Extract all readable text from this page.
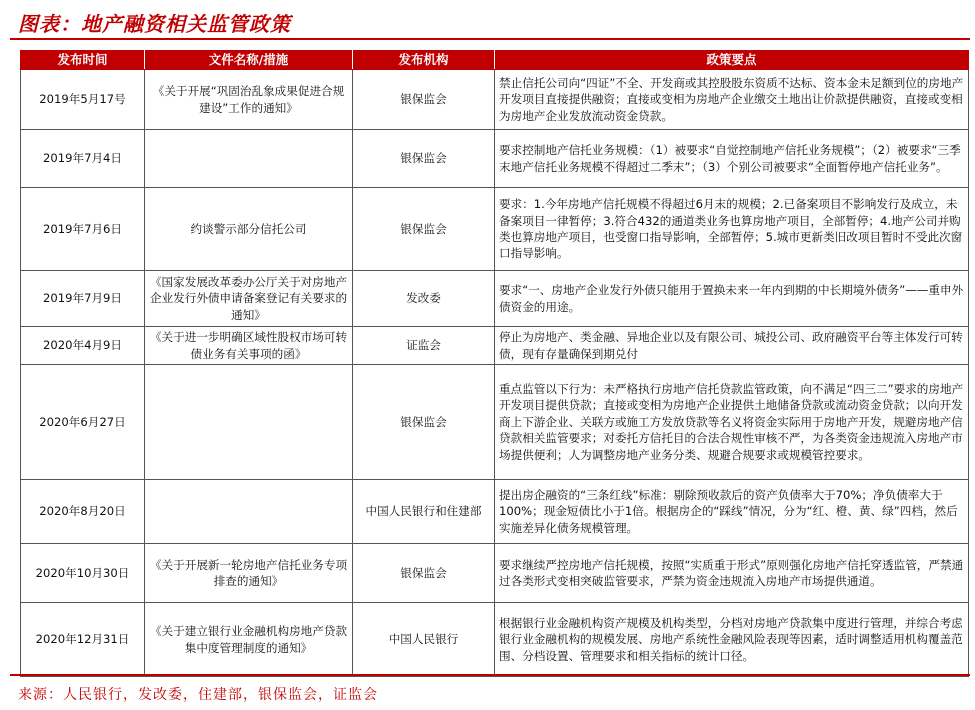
图表：地产融资相关监管政策
发布时间	文件名称/措施	发布机构	政策要点
2019年5月17号	《关于开展“巩固治乱象成果促进合规建设”工作的通知》	银保监会	禁止信托公司向“四证”不全、开发商或其控股股东资质不达标、资本金未足额到位的房地产开发项目直接提供融资；直接或变相为房地产企业缴交土地出让价款提供融资，直接或变相为房地产企业发放流动资金贷款。
2019年7月4日		银保监会	要求控制地产信托业务规模：（1）被要求“自觉控制地产信托业务规模”；（2）被要求“三季末地产信托业务规模不得超过二季末”；（3）个别公司被要求“全面暂停地产信托业务”。
2019年7月6日	约谈警示部分信托公司	银保监会	要求：1.今年房地产信托规模不得超过6月末的规模；2.已备案项目不影响发行及成立，未备案项目一律暂停；3.符合432的通道类业务也算房地产项目，全部暂停；4.地产公司并购类也算房地产项目，也受窗口指导影响，全部暂停；5.城市更新类旧改项目暂时不受此次窗口指导影响。
2019年7月9日	《国家发展改革委办公厅关于对房地产企业发行外债申请备案登记有关要求的通知》	发改委	要求“一、房地产企业发行外债只能用于置换未来一年内到期的中长期境外债务”——重申外债资金的用途。
2020年4月9日	《关于进一步明确区域性股权市场可转债业务有关事项的函》	证监会	停止为房地产、类金融、异地企业以及有限公司、城投公司、政府融资平台等主体发行可转债，现有存量确保到期兑付
2020年6月27日		银保监会	重点监管以下行为：未严格执行房地产信托贷款监管政策，向不满足“四三二”要求的房地产开发项目提供贷款；直接或变相为房地产企业提供土地储备贷款或流动资金贷款；以向开发商上下游企业、关联方或施工方发放贷款等名义将资金实际用于房地产开发，规避房地产信贷款相关监管要求；对委托方信托目的合法合规性审核不严，为各类资金违规流入房地产市场提供便利；人为调整房地产业务分类、规避合规要求或规模管控要求。
2020年8月20日		中国人民银行和住建部	提出房企融资的“三条红线”标准：剔除预收款后的资产负债率大于70%；净负债率大于100%；现金短债比小于1倍。根据房企的“踩线”情况，分为“红、橙、黄、绿”四档，然后实施差异化债务规模管理。
2020年10月30日	《关于开展新一轮房地产信托业务专项排查的通知》	银保监会	要求继续严控房地产信托规模，按照“实质重于形式”原则强化房地产信托穿透监管，严禁通过各类形式变相突破监管要求，严禁为资金违规流入房地产市场提供通道。
2020年12月31日	《关于建立银行业金融机构房地产贷款集中度管理制度的通知》	中国人民银行	根据银行业金融机构资产规模及机构类型，分档对房地产贷款集中度进行管理，并综合考虑银行业金融机构的规模发展、房地产系统性金融风险表现等因素，适时调整适用机构覆盖范围、分档设置、管理要求和相关指标的统计口径。
来源：人民银行，发改委，住建部，银保监会，证监会
